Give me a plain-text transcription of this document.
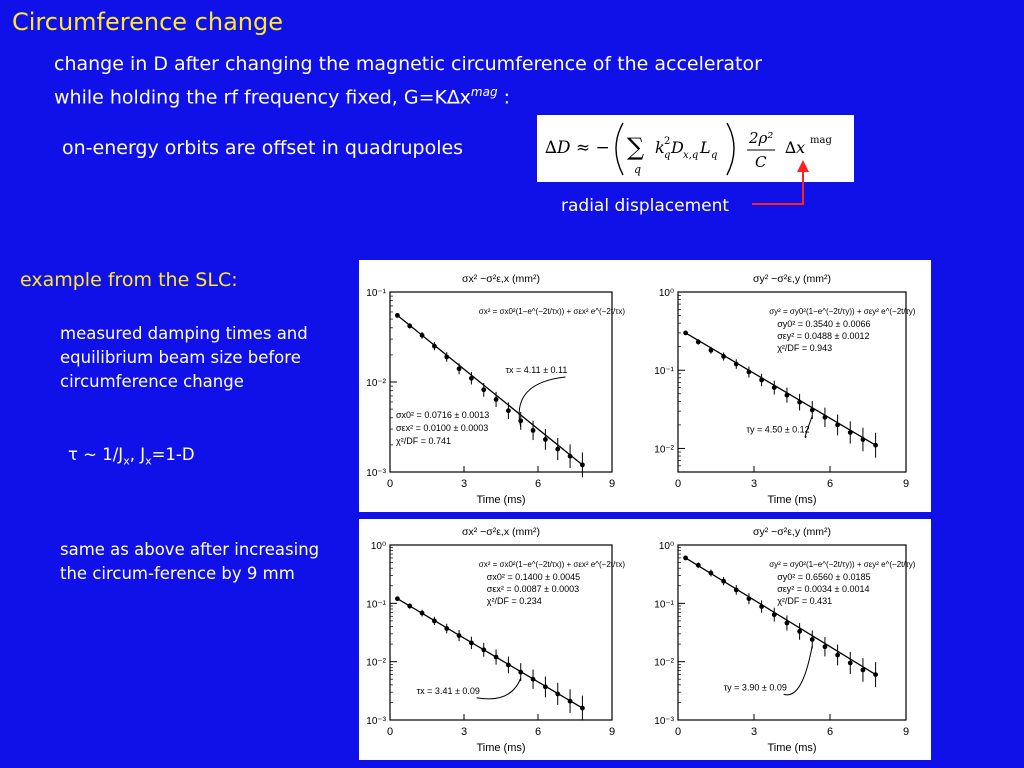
Circumference change
change in D after changing the magnetic circumference of the accelerator
while holding the rf frequency fixed, $G=K\Delta x^{mag}$ :
on-energy orbits are offset in quadrupoles	∆D ≈ − ∑
q
k 2
q D x,q L q
2ρ²
C
∆x mag
radial displacement
example from the SLC:
measured damping times and equilibrium beam size before circumference change
τ ~ $1/J_x$, $J_x=1-D$
same as above after increasing the circum-ference by 9 mm
0	3	6	9
10⁻¹
10⁻²
10⁻³
σx² −σ²ε,x (mm²)
Time (ms)
σx² = σx0²(1−e^(−2t/τx)) + σεx² e^(−2t/τx)
σx0² = 0.0716 ± 0.0013
σεx² = 0.0100 ± 0.0003
χ²/DF = 0.741
τx = 4.11 ± 0.11
0	3	6	9
10⁰
10⁻¹
10⁻²
σy² −σ²ε,y (mm²)
Time (ms)
σy² = σy0²(1−e^(−2t/τy)) + σεy² e^(−2t/τy)
σy0² = 0.3540 ± 0.0066
σεy² = 0.0488 ± 0.0012
χ²/DF = 0.943
τy = 4.50 ± 0.12
0	3	6	9
10⁰
10⁻¹
10⁻²
10⁻³
σx² −σ²ε,x (mm²)
Time (ms)
σx² = σx0²(1−e^(−2t/τx)) + σεx² e^(−2t/τx)
σx0² = 0.1400 ± 0.0045
σεx² = 0.0087 ± 0.0003
χ²/DF = 0.234
τx = 3.41 ± 0.09
0	3	6	9
10⁰
10⁻¹
10⁻²
10⁻³
σy² −σ²ε,y (mm²)
Time (ms)
σy² = σy0²(1−e^(−2t/τy)) + σεy² e^(−2t/τy)
σy0² = 0.6560 ± 0.0185
σεy² = 0.0034 ± 0.0014
χ²/DF = 0.431
τy = 3.90 ± 0.09
